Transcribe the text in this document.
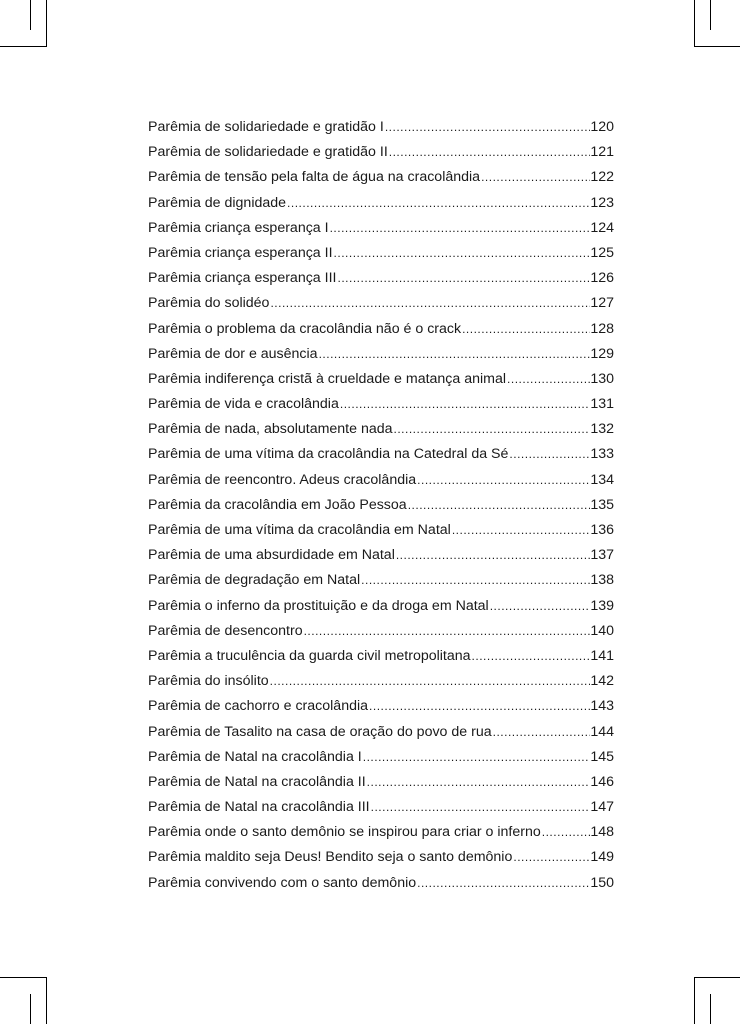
Parêmia de solidariedade e gratidão I .....	120
Parêmia de solidariedade e gratidão II .....	121
Parêmia de tensão pela falta de água na cracolândia .....	122
Parêmia de dignidade .....	123
Parêmia criança esperança I .....	124
Parêmia criança esperança II .....	125
Parêmia criança esperança III .....	126
Parêmia do solidéo .....	127
Parêmia o problema da cracolândia não é o crack .....	128
Parêmia de dor e ausência .....	129
Parêmia indiferença cristã à crueldade e matança animal .....	130
Parêmia de vida e cracolândia .....	131
Parêmia de nada, absolutamente nada .....	132
Parêmia de uma vítima da cracolândia na Catedral da Sé .....	133
Parêmia de reencontro. Adeus cracolândia .....	134
Parêmia da cracolândia em João Pessoa .....	135
Parêmia de uma vítima da cracolândia em Natal .....	136
Parêmia de uma absurdidade em Natal .....	137
Parêmia de degradação em Natal .....	138
Parêmia o inferno da prostituição e da droga em Natal .....	139
Parêmia de desencontro .....	140
Parêmia a truculência da guarda civil metropolitana .....	141
Parêmia do insólito .....	142
Parêmia de cachorro e cracolândia .....	143
Parêmia de Tasalito na casa de oração do povo de rua .....	144
Parêmia de Natal na cracolândia I .....	145
Parêmia de Natal na cracolândia II .....	146
Parêmia de Natal na cracolândia III .....	147
Parêmia onde o santo demônio se inspirou para criar o inferno .....	148
Parêmia maldito seja Deus! Bendito seja o santo demônio .....	149
Parêmia convivendo com o santo demônio .....	150
